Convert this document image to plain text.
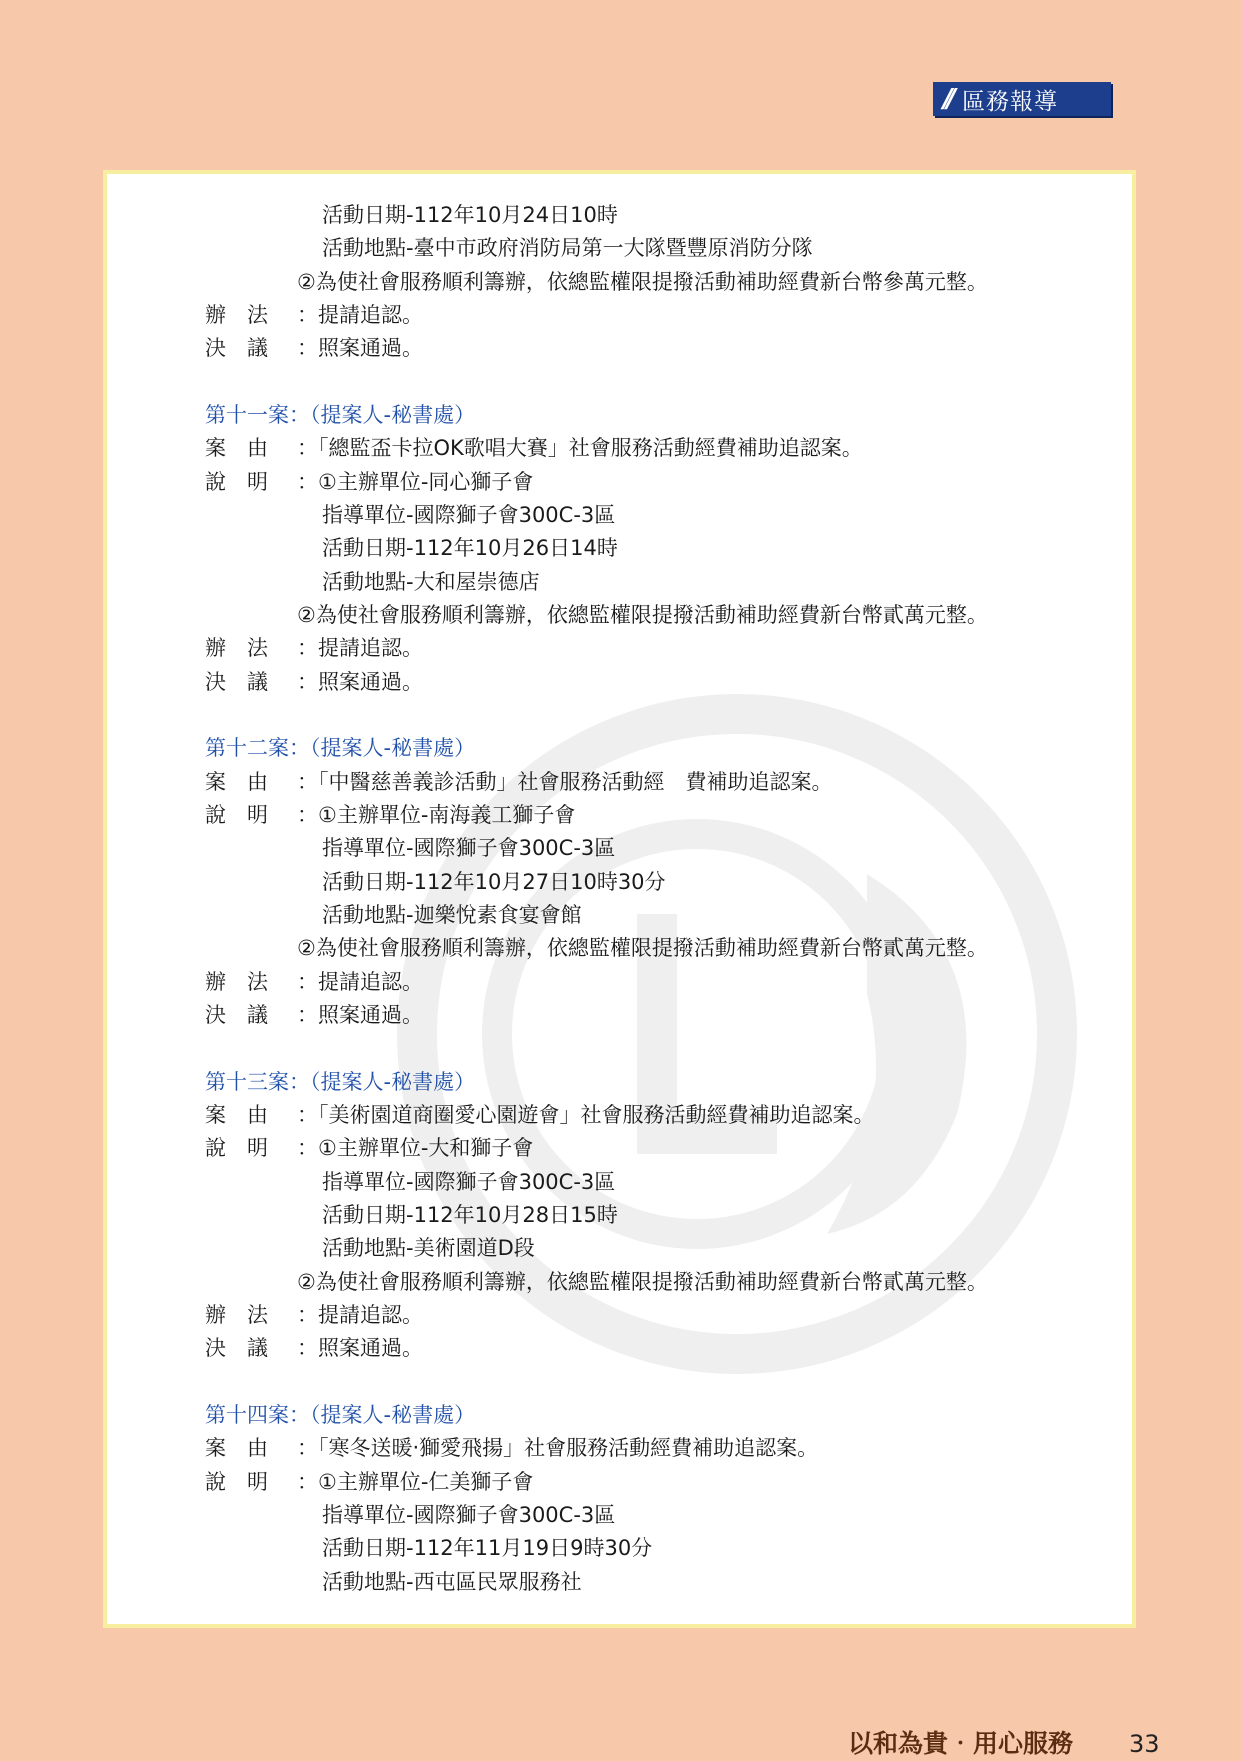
// 區務報導
活動日期-112年10月24日10時
活動地點-臺中市政府消防局第一大隊暨豐原消防分隊
②為使社會服務順利籌辦，依總監權限提撥活動補助經費新台幣參萬元整。
辦　法 ：提請追認。
決　議 ：照案通過。
第十一案：（提案人-秘書處）
案　由 ：「總監盃卡拉OK歌唱大賽」社會服務活動經費補助追認案。
說　明 ：①主辦單位-同心獅子會
指導單位-國際獅子會300C-3區
活動日期-112年10月26日14時
活動地點-大和屋崇德店
②為使社會服務順利籌辦，依總監權限提撥活動補助經費新台幣貳萬元整。
辦　法 ：提請追認。
決　議 ：照案通過。
第十二案：（提案人-秘書處）
案　由 ：「中醫慈善義診活動」社會服務活動經　費補助追認案。
說　明 ：①主辦單位-南海義工獅子會
指導單位-國際獅子會300C-3區
活動日期-112年10月27日10時30分
活動地點-迦樂悅素食宴會館
②為使社會服務順利籌辦，依總監權限提撥活動補助經費新台幣貳萬元整。
辦　法 ：提請追認。
決　議 ：照案通過。
第十三案：（提案人-秘書處）
案　由 ：「美術園道商圈愛心園遊會」社會服務活動經費補助追認案。
說　明 ：①主辦單位-大和獅子會
指導單位-國際獅子會300C-3區
活動日期-112年10月28日15時
活動地點-美術園道D段
②為使社會服務順利籌辦，依總監權限提撥活動補助經費新台幣貳萬元整。
辦　法 ：提請追認。
決　議 ：照案通過。
第十四案：（提案人-秘書處）
案　由 ：「寒冬送暖‧獅愛飛揚」社會服務活動經費補助追認案。
說　明 ：①主辦單位-仁美獅子會
指導單位-國際獅子會300C-3區
活動日期-112年11月19日9時30分
活動地點-西屯區民眾服務社
以和為貴‧用心服務 33
